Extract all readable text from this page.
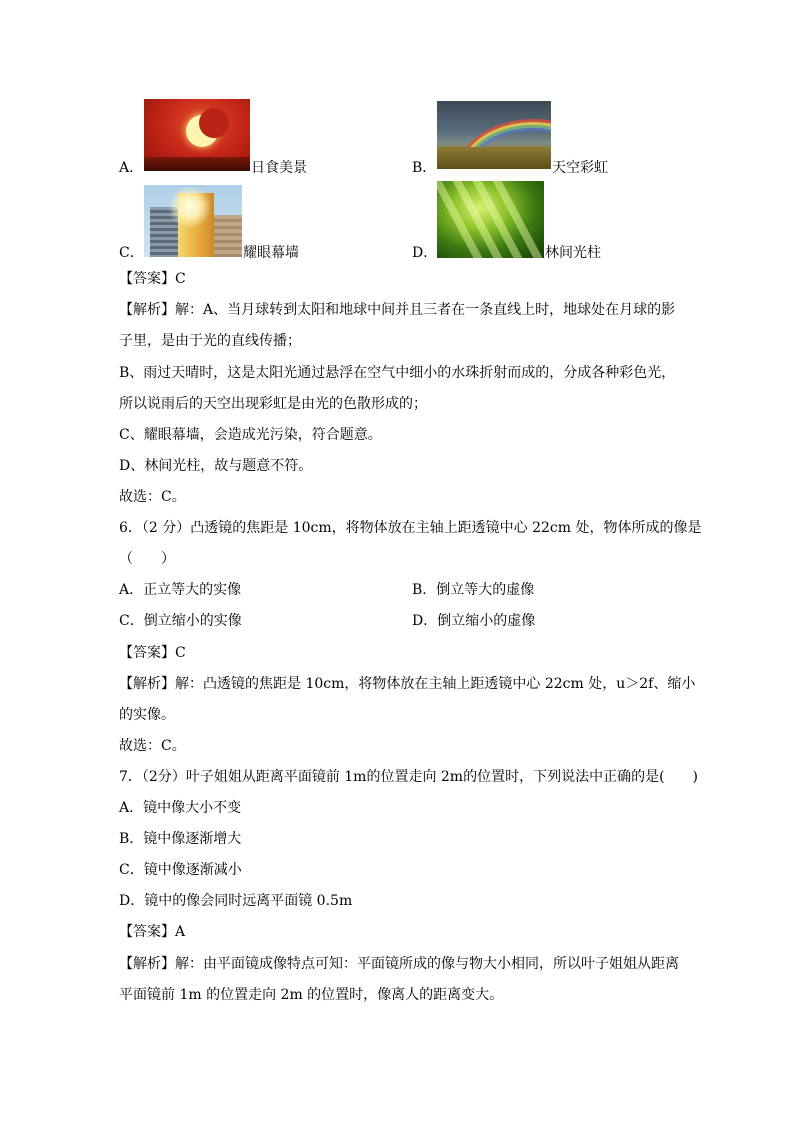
A．	日食美景	B．	天空彩虹
C．	耀眼幕墙	D．	林间光柱
【答案】C
【解析】解：A、当月球转到太阳和地球中间并且三者在一条直线上时，地球处在月球的影
子里，是由于光的直线传播；
B、雨过天晴时，这是太阳光通过悬浮在空气中细小的水珠折射而成的，分成各种彩色光，
所以说雨后的天空出现彩虹是由光的色散形成的；
C、耀眼幕墙，会造成光污染，符合题意。
D、林间光柱，故与题意不符。
故选：C。
6．（2 分）凸透镜的焦距是 10cm，将物体放在主轴上距透镜中心 22cm 处，物体所成的像是
（　　）
A．正立等大的实像	B．倒立等大的虚像
C．倒立缩小的实像	D．倒立缩小的虚像
【答案】C
【解析】解：凸透镜的焦距是 10cm，将物体放在主轴上距透镜中心 22cm 处，u＞2f、缩小
的实像。
故选：C。
7．（2分）叶子姐姐从距离平面镜前 1m的位置走向 2m的位置时，下列说法中正确的是(　　)
A．镜中像大小不变
B．镜中像逐渐增大
C．镜中像逐渐减小
D．镜中的像会同时远离平面镜 0.5m
【答案】A
【解析】解：由平面镜成像特点可知：平面镜所成的像与物大小相同，所以叶子姐姐从距离
平面镜前 1m 的位置走向 2m 的位置时，像离人的距离变大。
